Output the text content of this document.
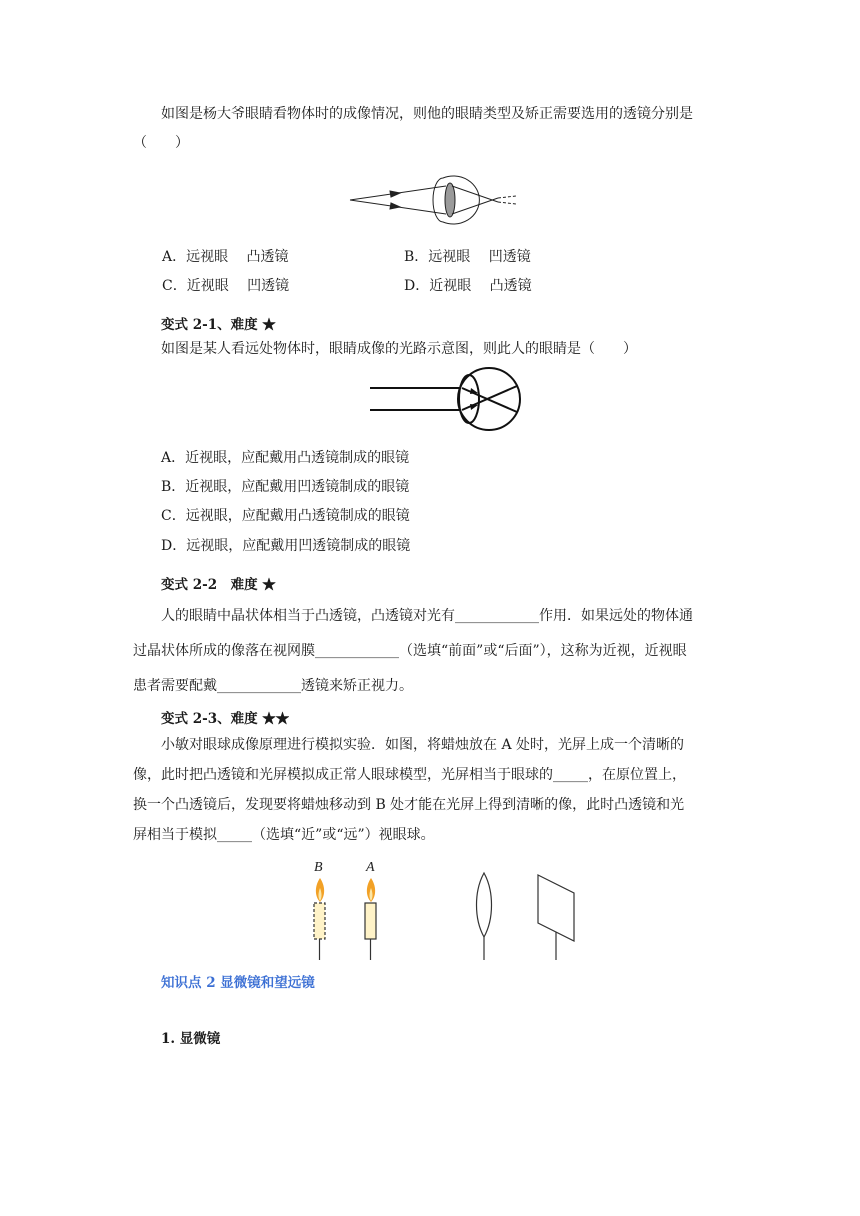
如图是杨大爷眼睛看物体时的成像情况，则他的眼睛类型及矫正需要选用的透镜分别是
（　　）
A．远视眼　 凸透镜	B．远视眼　 凹透镜
C．近视眼　 凹透镜	D．近视眼　 凸透镜
变式 2-1、难度 ★
如图是某人看远处物体时，眼睛成像的光路示意图，则此人的眼睛是（　　）
A．近视眼，应配戴用凸透镜制成的眼镜
B．近视眼，应配戴用凹透镜制成的眼镜
C．远视眼，应配戴用凸透镜制成的眼镜
D．远视眼，应配戴用凹透镜制成的眼镜
变式 2-2　难度 ★
人的眼睛中晶状体相当于凸透镜，凸透镜对光有____________作用．如果远处的物体通
过晶状体所成的像落在视网膜____________（选填“前面”或“后面”），这称为近视，近视眼
患者需要配戴____________透镜来矫正视力。
变式 2-3、难度 ★★
小敏对眼球成像原理进行模拟实验．如图，将蜡烛放在 A 处时，光屏上成一个清晰的
像，此时把凸透镜和光屏模拟成正常人眼球模型，光屏相当于眼球的_____，在原位置上，
换一个凸透镜后，发现要将蜡烛移动到 B 处才能在光屏上得到清晰的像，此时凸透镜和光
屏相当于模拟_____（选填“近”或“远”）视眼球。
B	A
知识点 2 显微镜和望远镜
1. 显微镜
